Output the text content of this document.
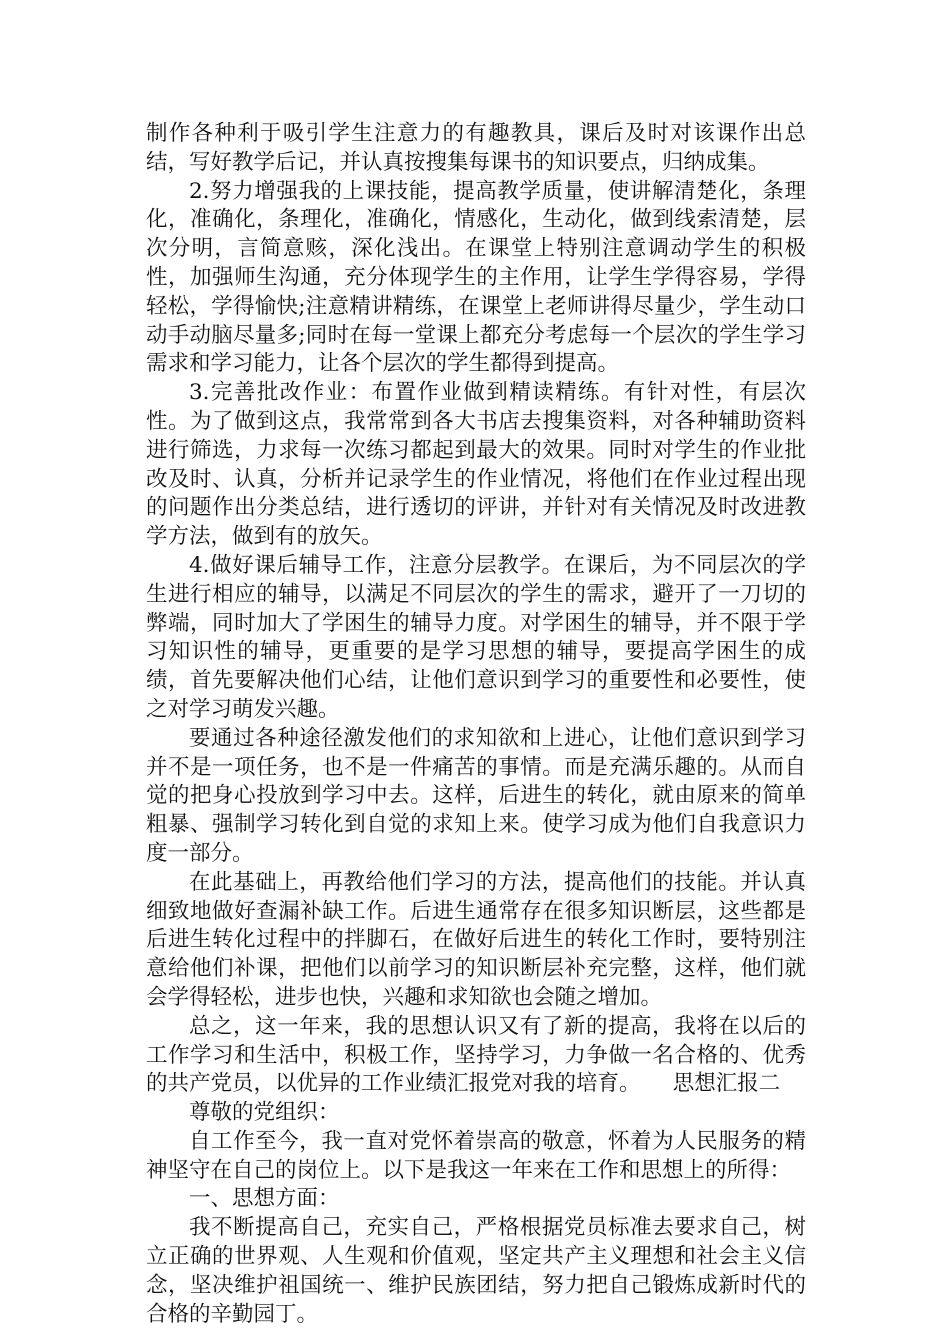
制作各种利于吸引学生注意力的有趣教具，课后及时对该课作出总结，写好教学后记，并认真按搜集每课书的知识要点，归纳成集。

2.努力增强我的上课技能，提高教学质量，使讲解清楚化，条理化，准确化，条理化，准确化，情感化，生动化，做到线索清楚，层次分明，言简意赅，深化浅出。在课堂上特别注意调动学生的积极性，加强师生沟通，充分体现学生的主作用，让学生学得容易，学得轻松，学得愉快;注意精讲精练，在课堂上老师讲得尽量少，学生动口动手动脑尽量多;同时在每一堂课上都充分考虑每一个层次的学生学习需求和学习能力，让各个层次的学生都得到提高。

3.完善批改作业：布置作业做到精读精练。有针对性，有层次性。为了做到这点，我常常到各大书店去搜集资料，对各种辅助资料进行筛选，力求每一次练习都起到最大的效果。同时对学生的作业批改及时、认真，分析并记录学生的作业情况，将他们在作业过程出现的问题作出分类总结，进行透切的评讲，并针对有关情况及时改进教学方法，做到有的放矢。

4.做好课后辅导工作，注意分层教学。在课后，为不同层次的学生进行相应的辅导，以满足不同层次的学生的需求，避开了一刀切的弊端，同时加大了学困生的辅导力度。对学困生的辅导，并不限于学习知识性的辅导，更重要的是学习思想的辅导，要提高学困生的成绩，首先要解决他们心结，让他们意识到学习的重要性和必要性，使之对学习萌发兴趣。

要通过各种途径激发他们的求知欲和上进心，让他们意识到学习并不是一项任务，也不是一件痛苦的事情。而是充满乐趣的。从而自觉的把身心投放到学习中去。这样，后进生的转化，就由原来的简单粗暴、强制学习转化到自觉的求知上来。使学习成为他们自我意识力度一部分。

在此基础上，再教给他们学习的方法，提高他们的技能。并认真细致地做好查漏补缺工作。后进生通常存在很多知识断层，这些都是后进生转化过程中的拌脚石，在做好后进生的转化工作时，要特别注意给他们补课，把他们以前学习的知识断层补充完整，这样，他们就会学得轻松，进步也快，兴趣和求知欲也会随之增加。

总之，这一年来，我的思想认识又有了新的提高，我将在以后的工作学习和生活中，积极工作，坚持学习，力争做一名合格的、优秀的共产党员，以优异的工作业绩汇报党对我的培育。　　思想汇报二

尊敬的党组织：

自工作至今，我一直对党怀着崇高的敬意，怀着为人民服务的精神坚守在自己的岗位上。以下是我这一年来在工作和思想上的所得：

一、思想方面：

我不断提高自己，充实自己，严格根据党员标准去要求自己，树立正确的世界观、人生观和价值观，坚定共产主义理想和社会主义信念，坚决维护祖国统一、维护民族团结，努力把自己锻炼成新时代的合格的辛勤园丁。
